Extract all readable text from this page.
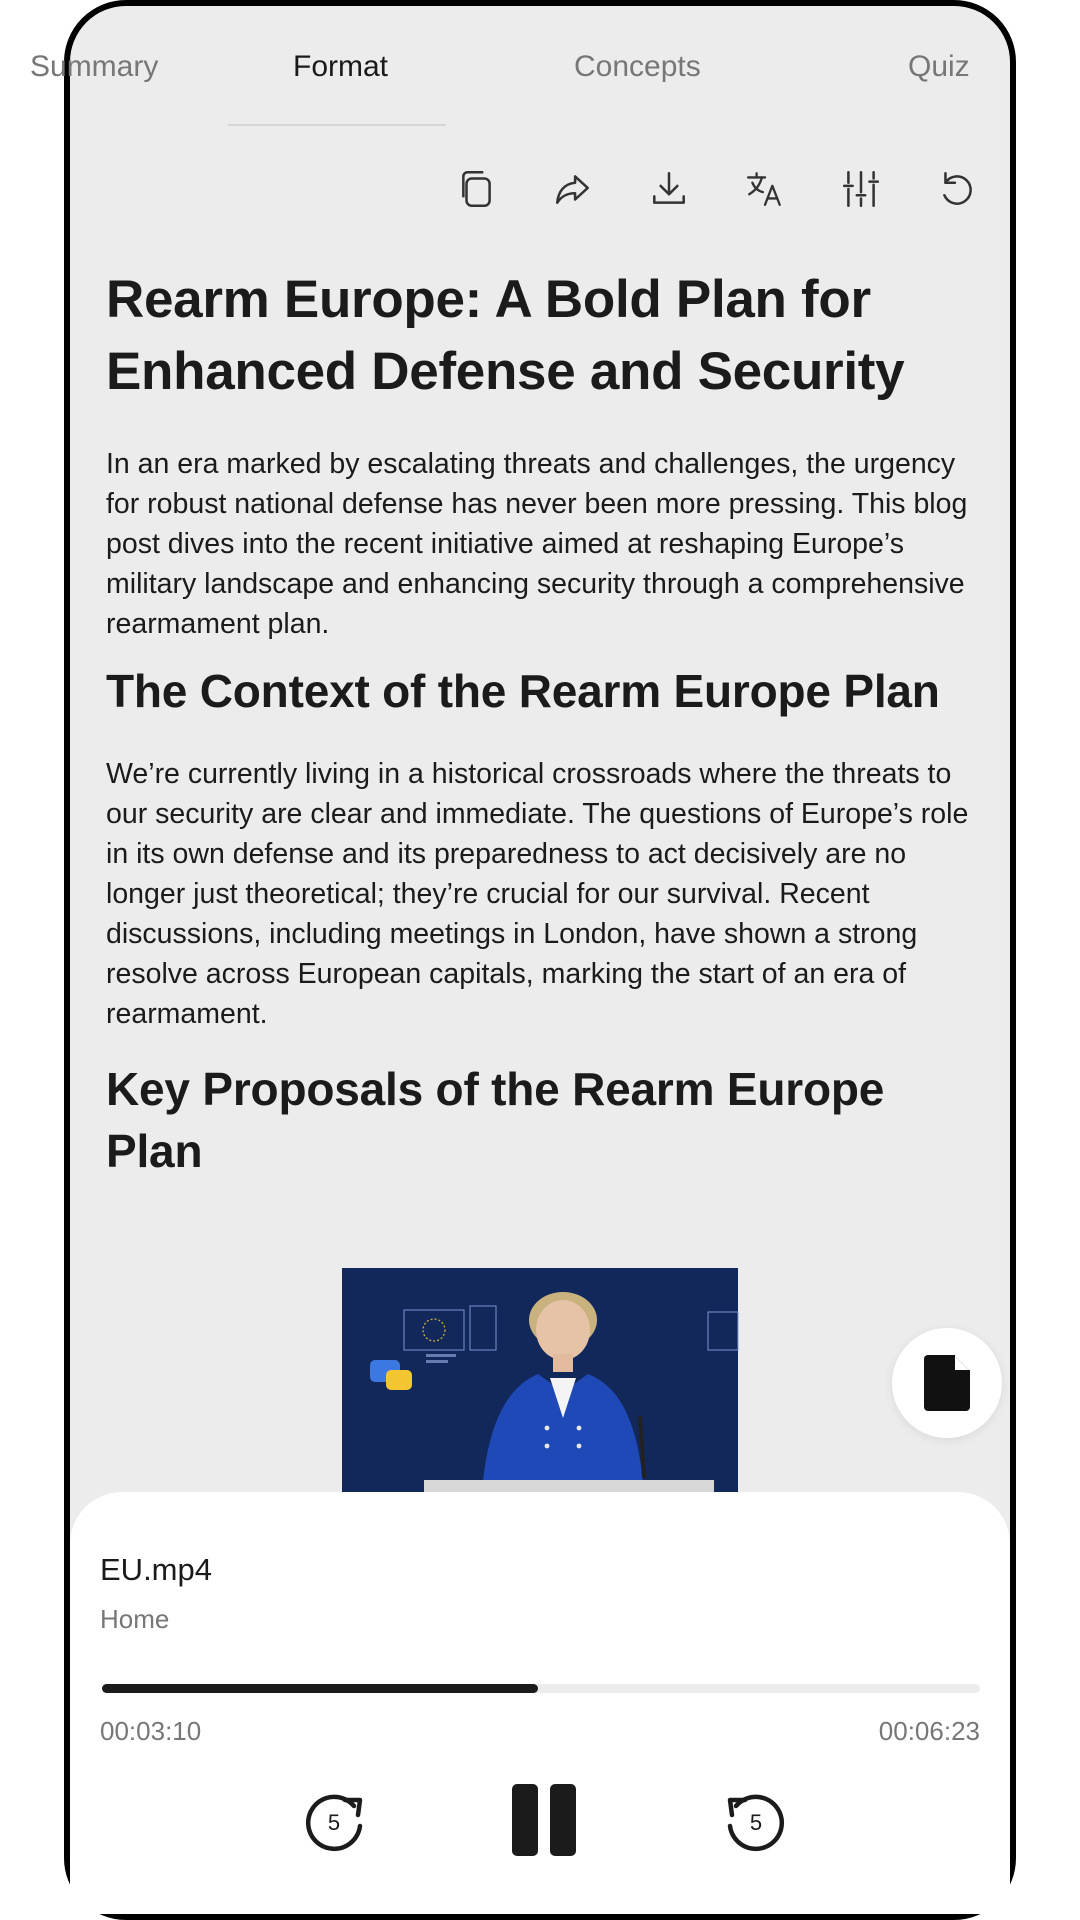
Summary	Format	Concepts	Quiz
Rearm Europe: A Bold Plan for Enhanced Defense and Security

In an era marked by escalating threats and challenges, the urgency for robust national defense has never been more pressing. This blog post dives into the recent initiative aimed at reshaping Europe’s military landscape and enhancing security through a comprehensive rearmament plan.

The Context of the Rearm Europe Plan

We’re currently living in a historical crossroads where the threats to our security are clear and immediate. The questions of Europe’s role in its own defense and its preparedness to act decisively are no longer just theoretical; they’re crucial for our survival. Recent discussions, including meetings in London, have shown a strong resolve across European capitals, marking the start of an era of rearmament.

Key Proposals of the Rearm Europe Plan
EU.mp4
Home
00:03:10	00:06:23
5	5
